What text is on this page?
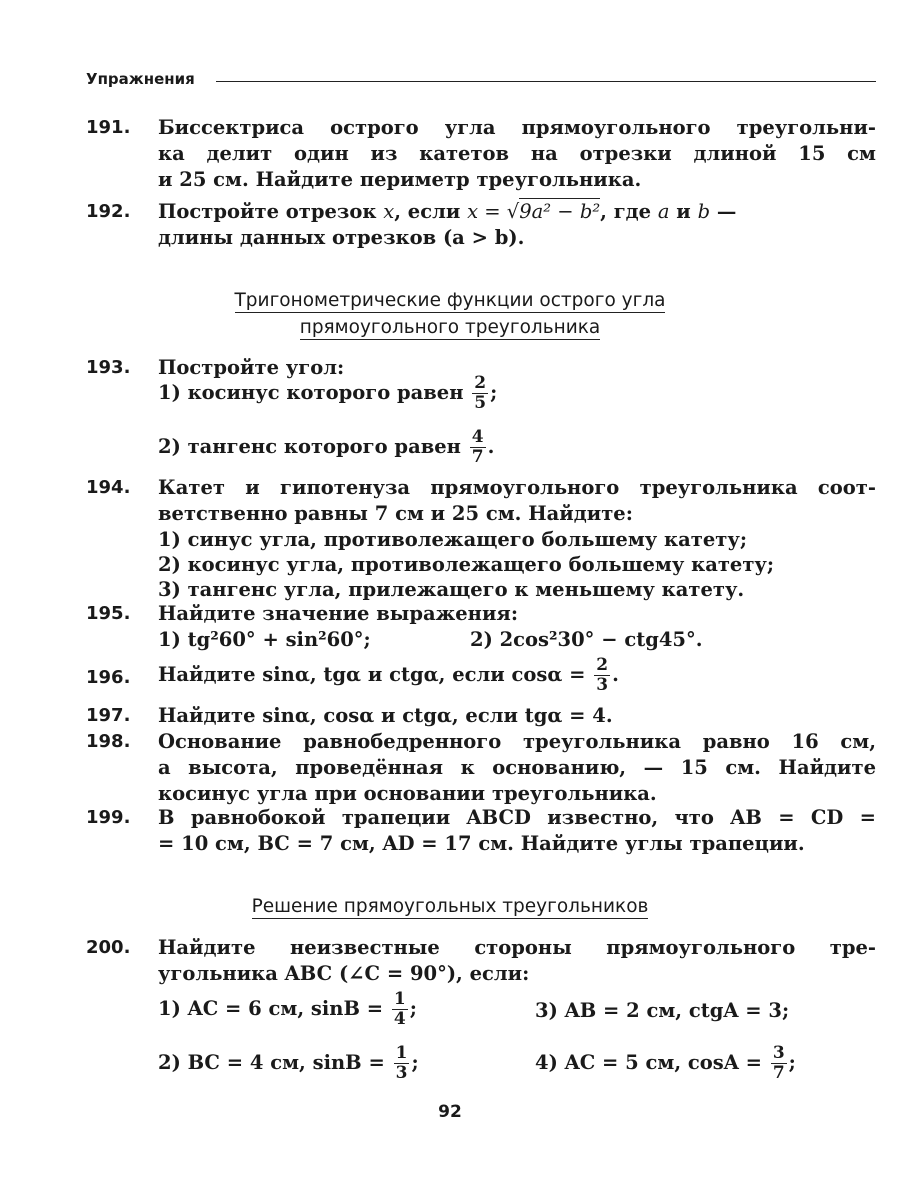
Упражнения
191. Биссектриса острого угла прямоугольного треугольни-
ка делит один из катетов на отрезки длиной 15 см
и 25 см. Найдите периметр треугольника.
192. Постройте отрезок x, если x = √9a² − b², где a и b —
длины данных отрезков (a > b).
Тригонометрические функции острого угла
прямоугольного треугольника
193. Постройте угол:
1) косинус которого равен $\frac{2}{5}$ ;
2) тангенс которого равен $\frac{4}{7}$ .
194. Катет и гипотенуза прямоугольного треугольника соот-
ветственно равны 7 см и 25 см. Найдите:
1) синус угла, противолежащего большему катету;
2) косинус угла, противолежащего большему катету;
3) тангенс угла, прилежащего к меньшему катету.
195. Найдите значение выражения:
1) tg²60° + sin²60°;	2) 2cos²30° − ctg45°.
196. Найдите sinα, tgα и ctgα, если $\cos\alpha = \frac{2}{3}$ .
197. Найдите sinα, cosα и ctgα, если tgα = 4.
198. Основание равнобедренного треугольника равно 16 см,
а высота, проведённая к основанию, — 15 см. Найдите
косинус угла при основании треугольника.
199. В равнобокой трапеции ABCD известно, что AB = CD =
= 10 см, BC = 7 см, AD = 17 см. Найдите углы трапеции.
Решение прямоугольных треугольников
200. Найдите неизвестные стороны прямоугольного тре-
угольника ABC (∠C = 90°), если:
1) AC = 6 см, $\sin B = \frac{1}{4}$ ;	3) AB = 2 см, ctgA = 3;
2) BC = 4 см, $\sin B = \frac{1}{3}$ ;	4) AC = 5 см, $\cos A = \frac{3}{7}$ ;
92
